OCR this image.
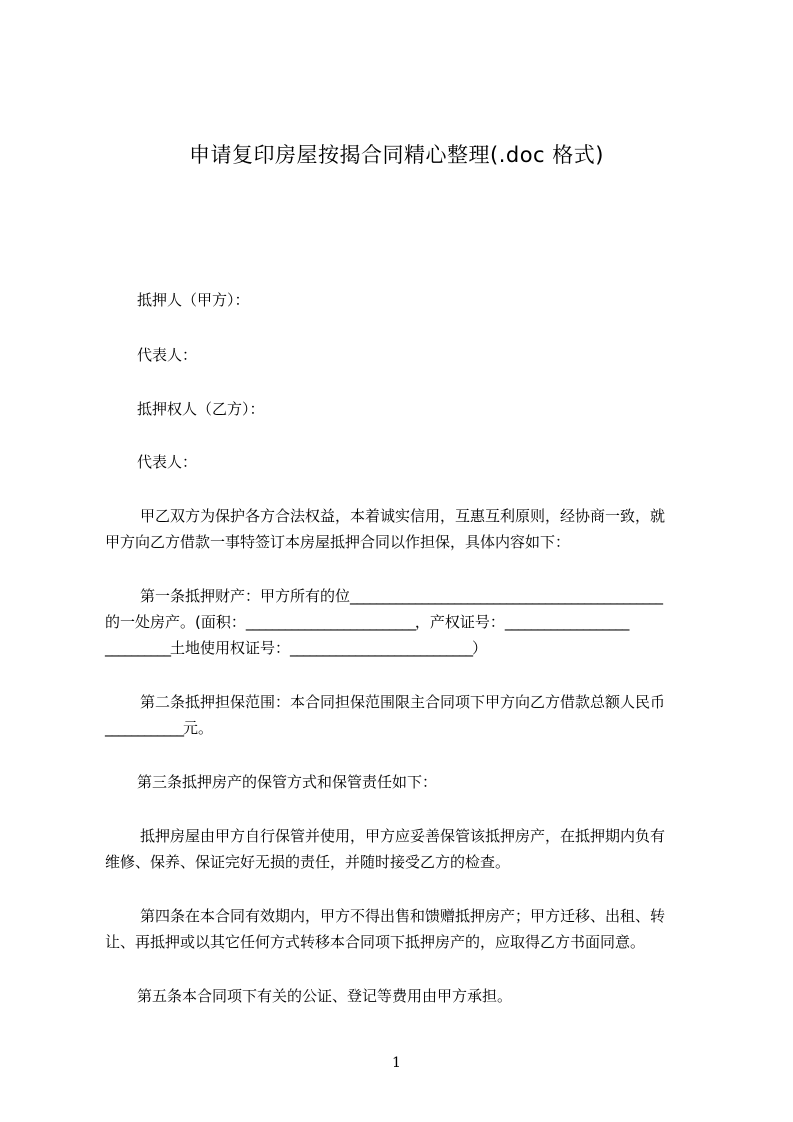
申请复印房屋按揭合同精心整理(.doc 格式)
抵押人（甲方）：
代表人：
抵押权人（乙方）：
代表人：
甲乙双方为保护各方合法权益，本着诚实信用，互惠互利原则，经协商一致，就
甲方向乙方借款一事特签订本房屋抵押合同以作担保，具体内容如下：
第一条抵押财产：甲方所有的位________________________________________________
的一处房产。(面积：__________________________，产权证号：___________________
__________土地使用权证号：____________________________）
第二条抵押担保范围：本合同担保范围限主合同项下甲方向乙方借款总额人民币
____________元。
第三条抵押房产的保管方式和保管责任如下：
抵押房屋由甲方自行保管并使用，甲方应妥善保管该抵押房产，在抵押期内负有
维修、保养、保证完好无损的责任，并随时接受乙方的检查。
第四条在本合同有效期内，甲方不得出售和馈赠抵押房产；甲方迁移、出租、转
让、再抵押或以其它任何方式转移本合同项下抵押房产的，应取得乙方书面同意。
第五条本合同项下有关的公证、登记等费用由甲方承担。
1
